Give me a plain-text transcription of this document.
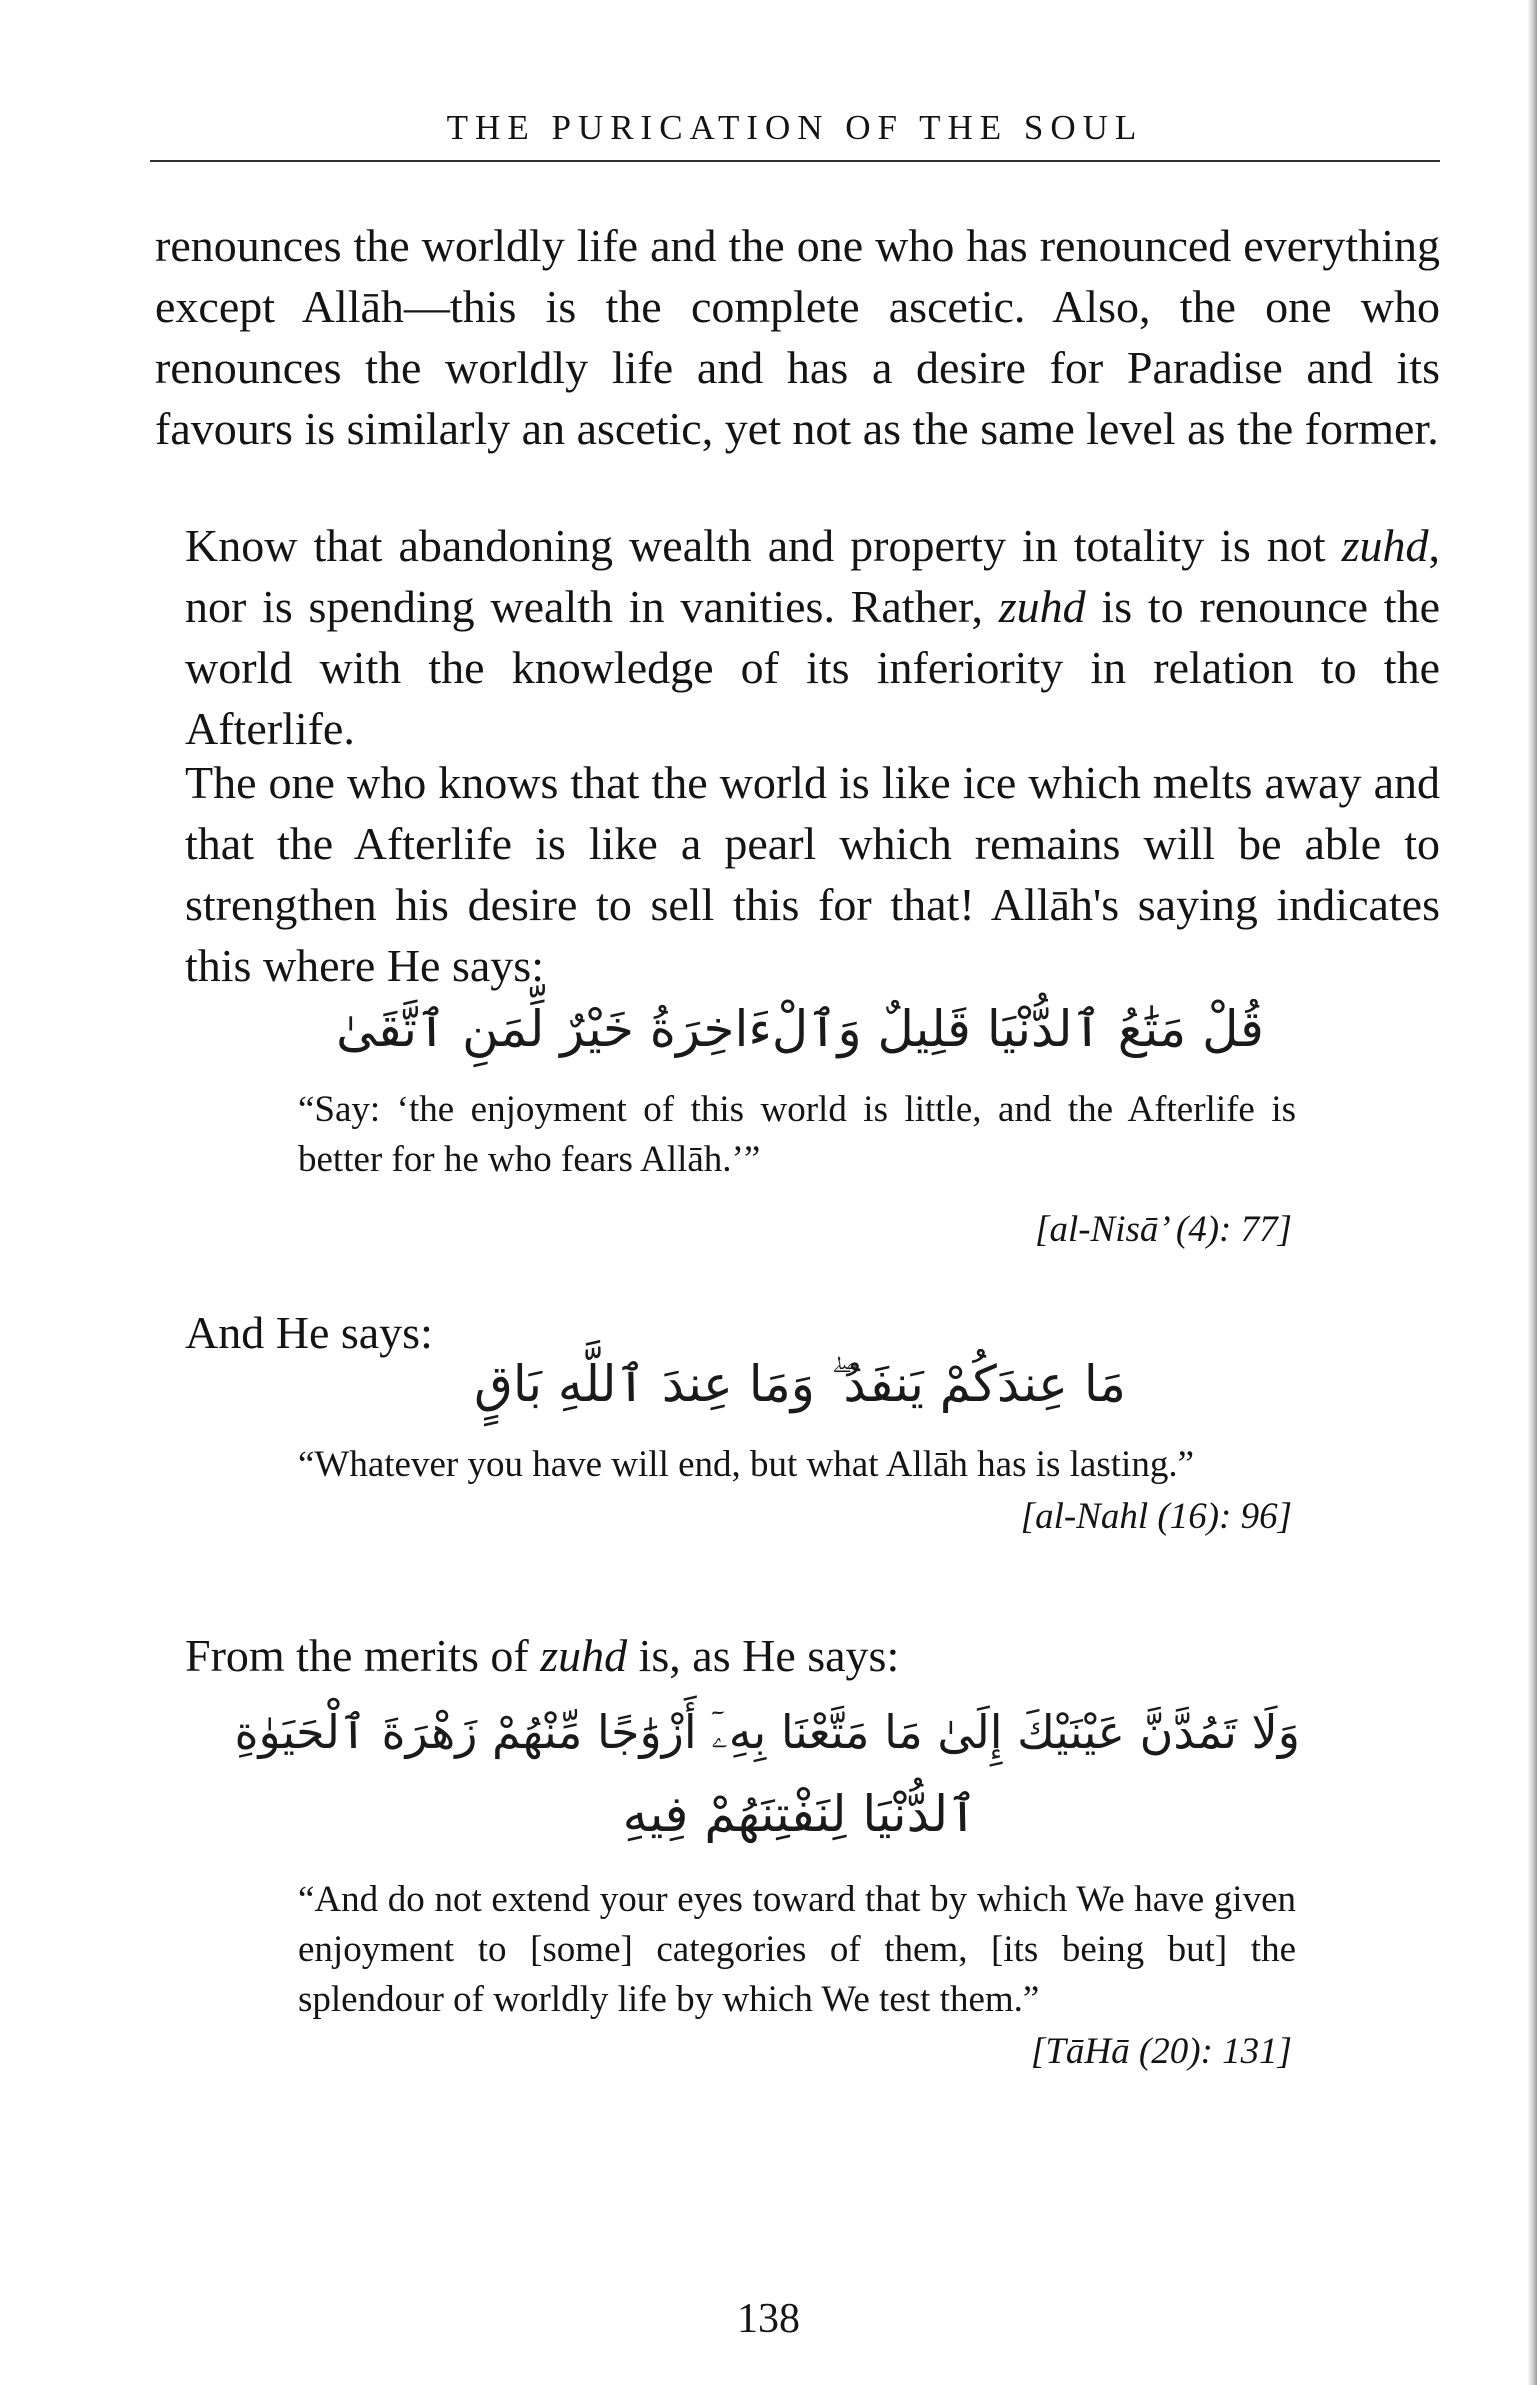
THE PURICATION OF THE SOUL

renounces the worldly life and the one who has renounced everything except Allāh—this is the complete ascetic. Also, the one who renounces the worldly life and has a desire for Paradise and its favours is similarly an ascetic, yet not as the same level as the former.

Know that abandoning wealth and property in totality is not zuhd, nor is spending wealth in vanities. Rather, zuhd is to renounce the world with the knowledge of its inferiority in relation to the Afterlife.

The one who knows that the world is like ice which melts away and that the Afterlife is like a pearl which remains will be able to strengthen his desire to sell this for that! Allāh's saying indicates this where He says:

قُلْ مَتَٰعُ ٱلدُّنْيَا قَلِيلٌ وَٱلْءَاخِرَةُ خَيْرٌ لِّمَنِ ٱتَّقَىٰ

“Say: ‘the enjoyment of this world is little, and the Afterlife is better for he who fears Allāh.’”

[al-Nisā’ (4): 77]

And He says:

مَا عِندَكُمْ يَنفَدُ ۖ وَمَا عِندَ ٱللَّهِ بَاقٍ

“Whatever you have will end, but what Allāh has is lasting.”

[al-Nahl (16): 96]

From the merits of zuhd is, as He says:

وَلَا تَمُدَّنَّ عَيْنَيْكَ إِلَىٰ مَا مَتَّعْنَا بِهِۦٓ أَزْوَٰجًا مِّنْهُمْ زَهْرَةَ ٱلْحَيَوٰةِ
ٱلدُّنْيَا لِنَفْتِنَهُمْ فِيهِ

“And do not extend your eyes toward that by which We have given enjoyment to [some] categories of them, [its being but] the splendour of worldly life by which We test them.”

[TāHā (20): 131]
138
